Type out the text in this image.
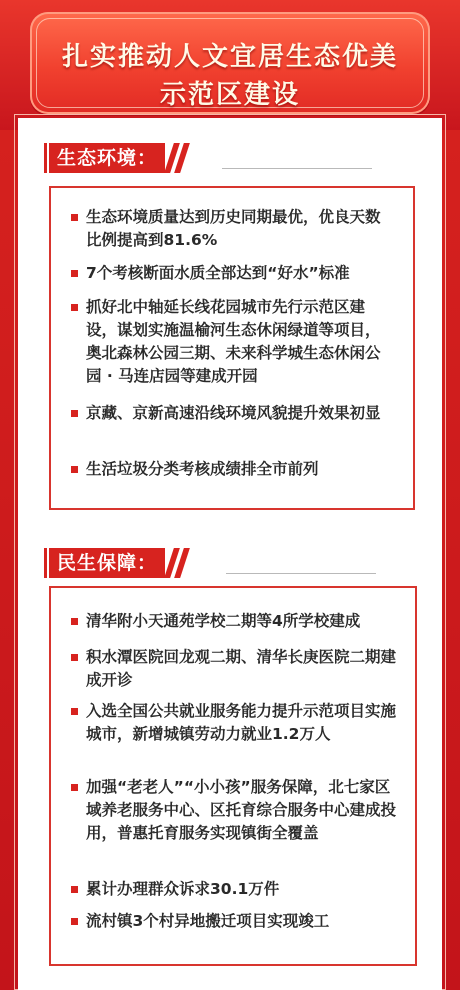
扎实推动人文宜居生态优美
示范区建设
生态环境：
生态环境质量达到历史同期最优，优良天数比例提高到81.6%
7个考核断面水质全部达到“好水”标准
抓好北中轴延长线花园城市先行示范区建设，谋划实施温榆河生态休闲绿道等项目，奥北森林公园三期、未来科学城生态休闲公园 · 马连店园等建成开园
京藏、京新高速沿线环境风貌提升效果初显
生活垃圾分类考核成绩排全市前列
民生保障：
清华附小天通苑学校二期等4所学校建成
积水潭医院回龙观二期、清华长庚医院二期建成开诊
入选全国公共就业服务能力提升示范项目实施城市，新增城镇劳动力就业1.2万人
加强“老老人”“小小孩”服务保障，北七家区域养老服务中心、区托育综合服务中心建成投用，普惠托育服务实现镇街全覆盖
累计办理群众诉求30.1万件
流村镇3个村异地搬迁项目实现竣工
